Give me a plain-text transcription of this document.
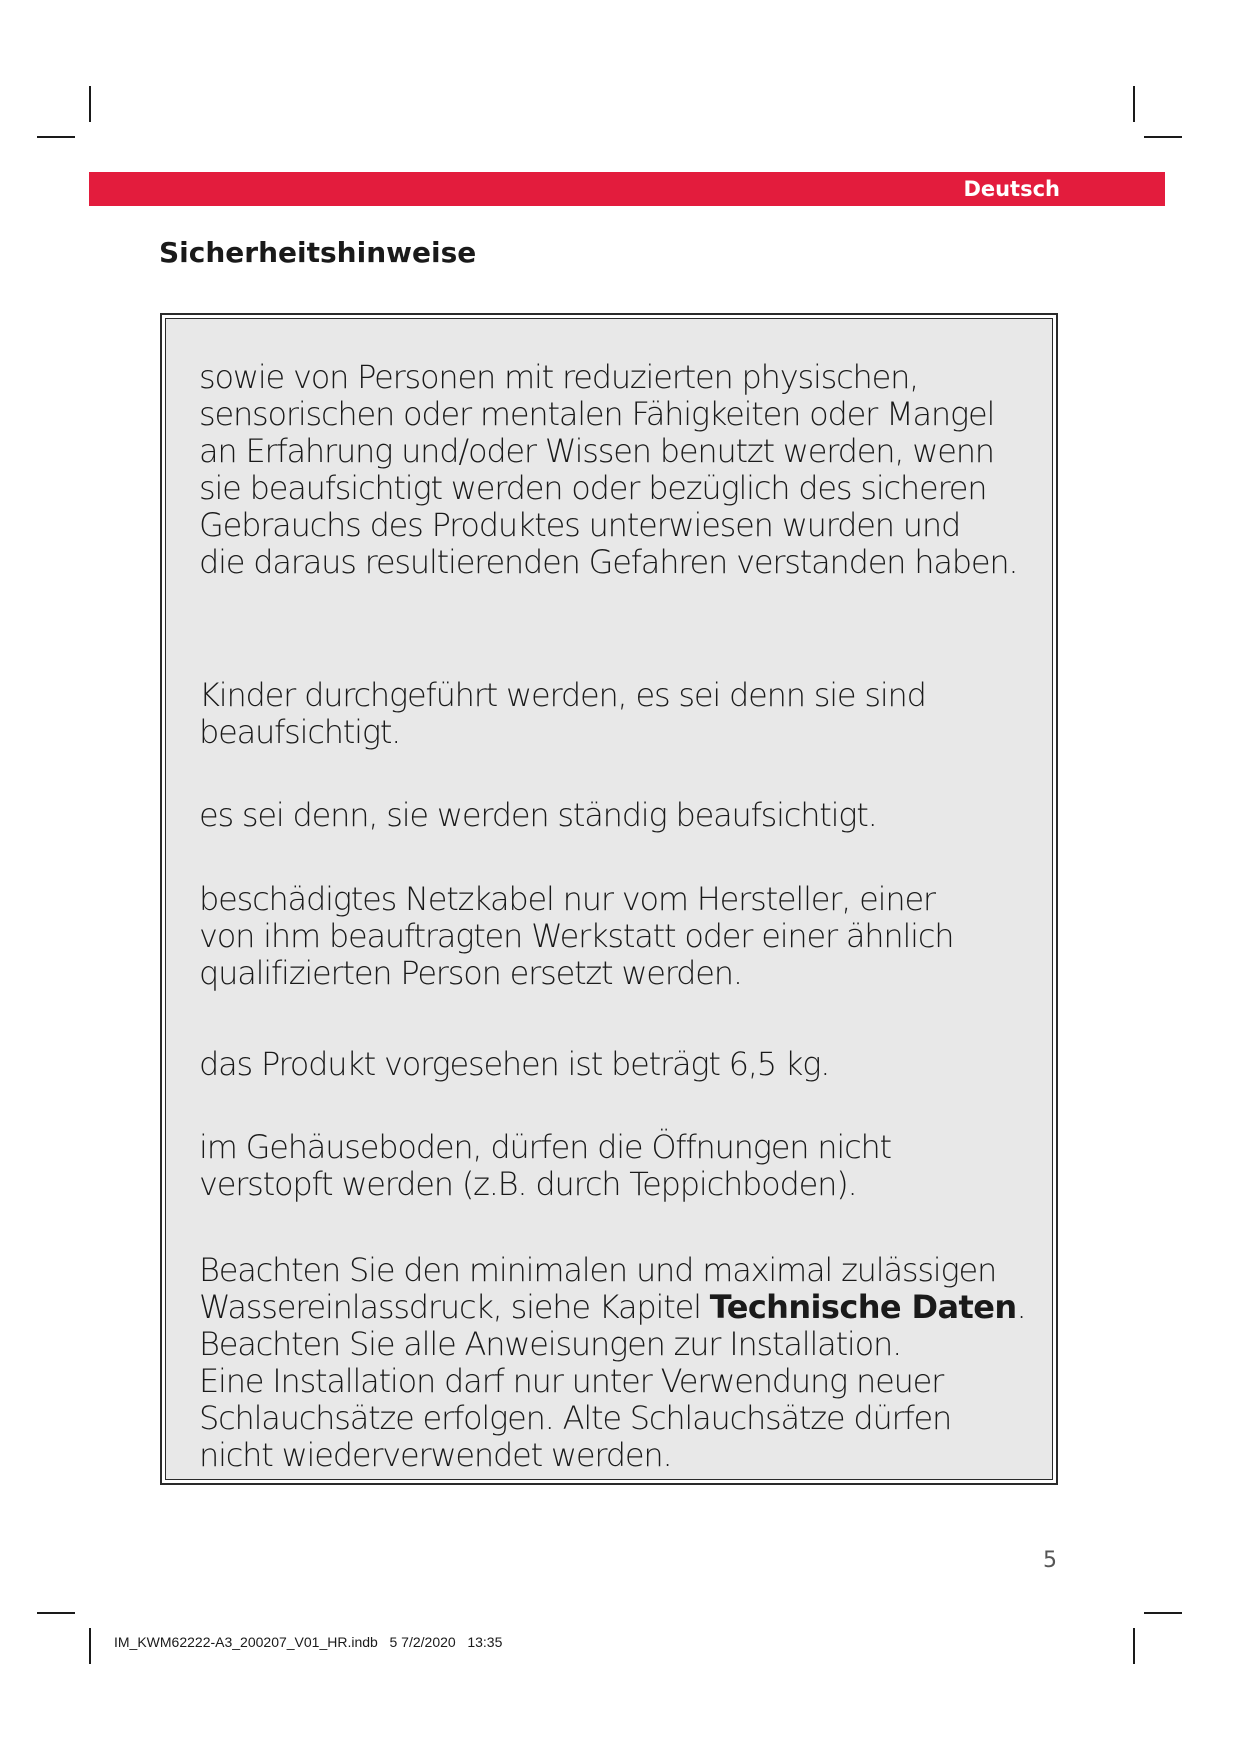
Deutsch
Sicherheitshinweise

sowie von Personen mit reduzierten physischen,
sensorischen oder mentalen Fähigkeiten oder Mangel
an Erfahrung und/oder Wissen benutzt werden, wenn
sie beaufsichtigt werden oder bezüglich des sicheren
Gebrauchs des Produktes unterwiesen wurden und
die daraus resultierenden Gefahren verstanden haben.

Kinder durchgeführt werden, es sei denn sie sind
beaufsichtigt.

es sei denn, sie werden ständig beaufsichtigt.

beschädigtes Netzkabel nur vom Hersteller, einer
von ihm beauftragten Werkstatt oder einer ähnlich
qualifizierten Person ersetzt werden.

das Produkt vorgesehen ist beträgt 6,5 kg.

im Gehäuseboden, dürfen die Öffnungen nicht
verstopft werden (z.B. durch Teppichboden).

Beachten Sie den minimalen und maximal zulässigen
Wassereinlassdruck, siehe Kapitel Technische Daten.
Beachten Sie alle Anweisungen zur Installation.
Eine Installation darf nur unter Verwendung neuer
Schlauchsätze erfolgen. Alte Schlauchsätze dürfen
nicht wiederverwendet werden.

5
IM_KWM62222-A3_200207_V01_HR.indb   5 7/2/2020   13:35
